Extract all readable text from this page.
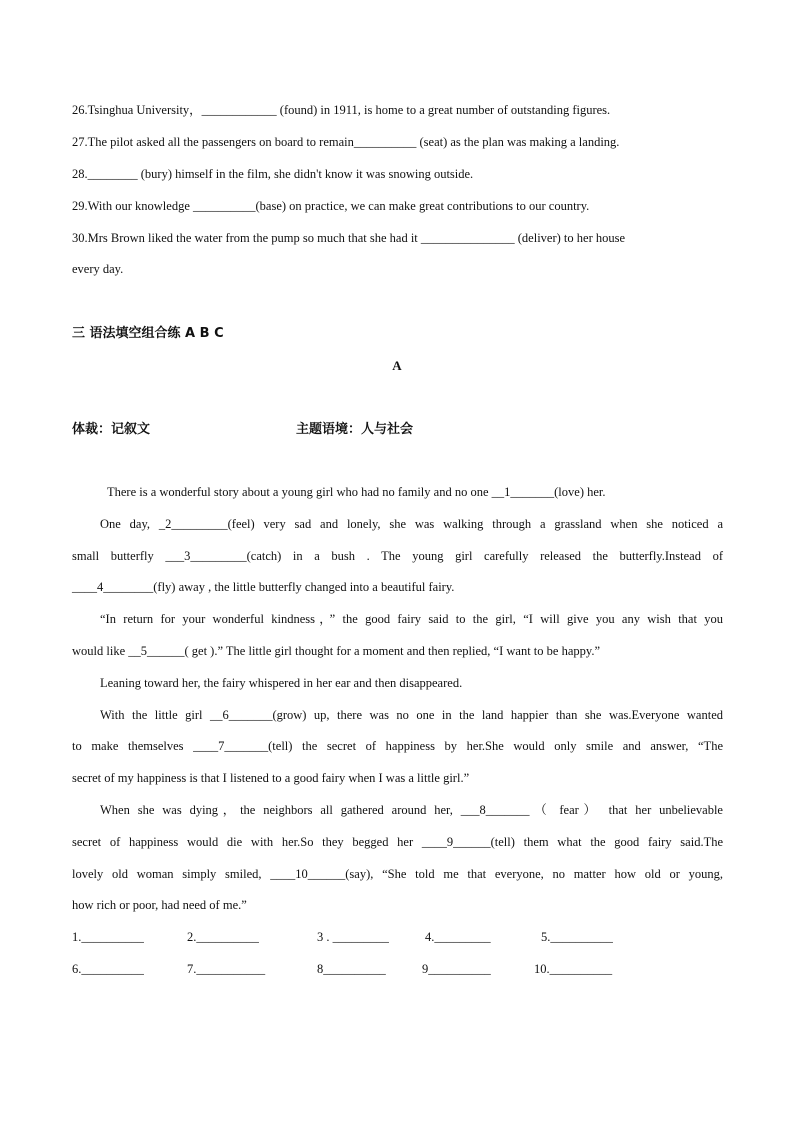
26.Tsinghua University，____________ (found) in 1911, is home to a great number of outstanding figures.
27.The pilot asked all the passengers on board to remain__________ (seat) as the plan was making a landing.
28.________ (bury) himself in the film, she didn't know it was snowing outside.
29.With our knowledge __________(base) on practice, we can make great contributions to our country.
30.Mrs Brown liked the water from the pump so much that she had it _______________ (deliver) to her house
every day.
三 语法填空组合练 A B C
A
体裁：记叙文	主题语境：人与社会
There is a wonderful story about a young girl who had no family and no one __1_______(love) her.
One day, _2_________(feel) very sad and lonely, she was walking through a grassland when she noticed a
small butterfly ___3_________(catch) in a bush . The young girl carefully released the butterfly.Instead of
____4________(fly) away , the little butterfly changed into a beautiful fairy.
“In return for your wonderful kindness，” the good fairy said to the girl, “I will give you any wish that you
would like __5______( get ).” The little girl thought for a moment and then replied, “I want to be happy.”
Leaning toward her, the fairy whispered in her ear and then disappeared.
With the little girl __6_______(grow) up, there was no one in the land happier than she was.Everyone wanted
to make themselves ____7_______(tell) the secret of happiness by her.She would only smile and answer, “The
secret of my happiness is that I listened to a good fairy when I was a little girl.”
When she was dying，the neighbors all gathered around her, ___8_______（ fear） that her unbelievable
secret of happiness would die with her.So they begged her ____9______(tell) them what the good fairy said.The
lovely old woman simply smiled, ____10______(say), “She told me that everyone, no matter how old or young,
how rich or poor, had need of me.”
1.__________	2.__________	3 . _________	4._________	5.__________
6.__________	7.___________	8__________	9__________	10.__________
